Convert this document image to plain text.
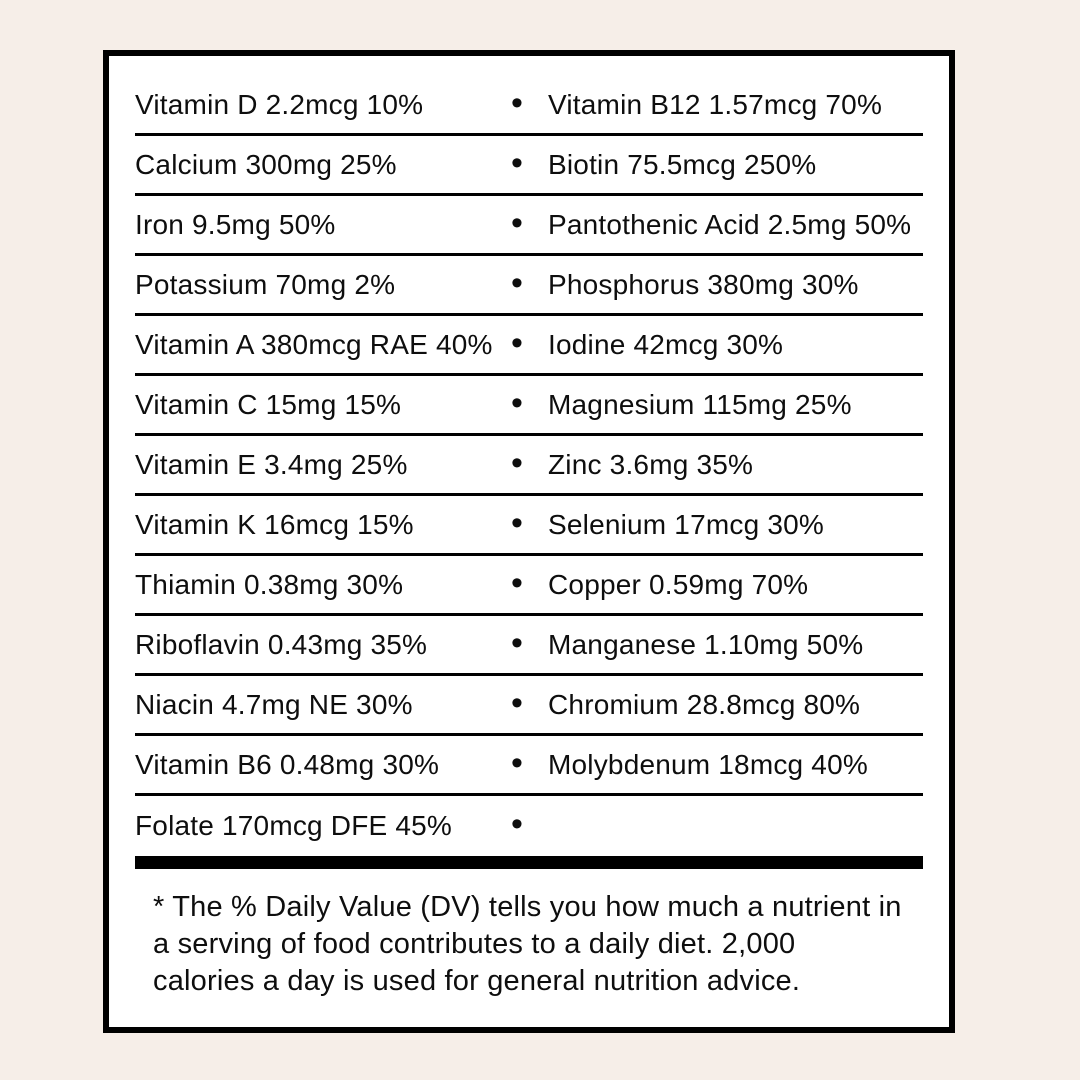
Vitamin D 2.2mcg 10%	• Vitamin B12 1.57mcg 70%
Calcium 300mg 25%	• Biotin 75.5mcg 250%
Iron 9.5mg 50%	• Pantothenic Acid 2.5mg 50%
Potassium 70mg 2%	• Phosphorus 380mg 30%
Vitamin A 380mcg RAE 40% • Iodine 42mcg 30%
Vitamin C 15mg 15%	• Magnesium 115mg 25%
Vitamin E 3.4mg 25%	• Zinc 3.6mg 35%
Vitamin K 16mcg 15%	• Selenium 17mcg 30%
Thiamin 0.38mg 30%	• Copper 0.59mg 70%
Riboflavin 0.43mg 35%	• Manganese 1.10mg 50%
Niacin 4.7mg NE 30%	• Chromium 28.8mcg 80%
Vitamin B6 0.48mg 30%	• Molybdenum 18mcg 40%
Folate 170mcg DFE 45%	•
* The % Daily Value (DV) tells you how much a nutrient in
a serving of food contributes to a daily diet. 2,000
calories a day is used for general nutrition advice.
